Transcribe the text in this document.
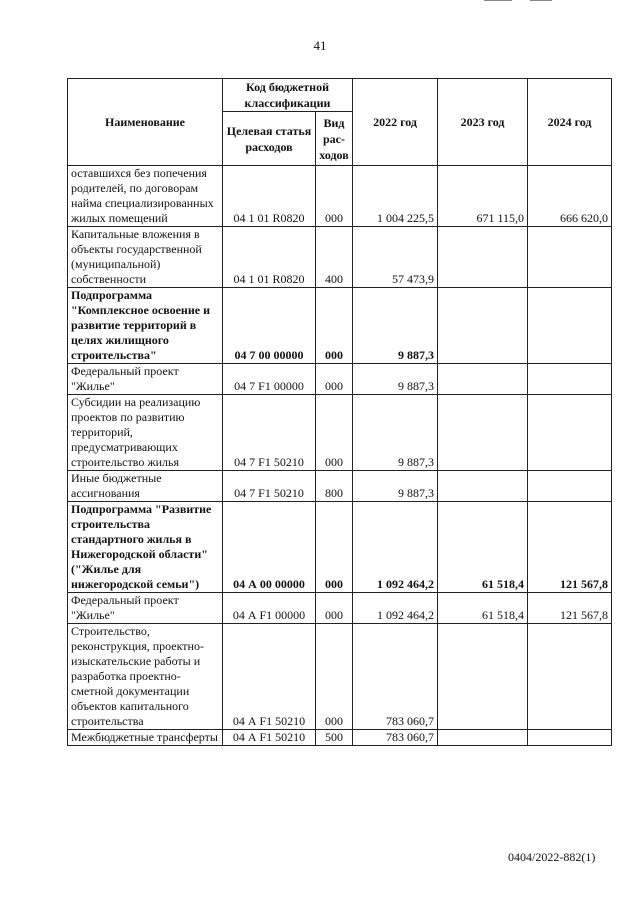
41
Наименование	Код бюджетной классификации		2022 год	2023 год	2024 год
	Целевая статья расходов	Вид рас-ходов			
оставшихся без попечения родителей, по договорам найма специализированных жилых помещений	04 1 01 R0820	000	1 004 225,5	671 115,0	666 620,0
Капитальные вложения в объекты государственной (муниципальной) собственности	04 1 01 R0820	400	57 473,9		
Подпрограмма "Комплексное освоение и развитие территорий в целях жилищного строительства"	04 7 00 00000	000	9 887,3		
Федеральный проект "Жилье"	04 7 F1 00000	000	9 887,3		
Субсидии на реализацию проектов по развитию территорий, предусматривающих строительство жилья	04 7 F1 50210	000	9 887,3		
Иные бюджетные ассигнования	04 7 F1 50210	800	9 887,3		
Подпрограмма "Развитие строительства стандартного жилья в Нижегородской области" ("Жилье для нижегородской семьи")	04 А 00 00000	000	1 092 464,2	61 518,4	121 567,8
Федеральный проект "Жилье"	04 А F1 00000	000	1 092 464,2	61 518,4	121 567,8
Строительство, реконструкция, проектно-изыскательские работы и разработка проектно-сметной документации объектов капитального строительства	04 А F1 50210	000	783 060,7		
Межбюджетные трансферты	04 А F1 50210	500	783 060,7		
0404/2022-882(1)
